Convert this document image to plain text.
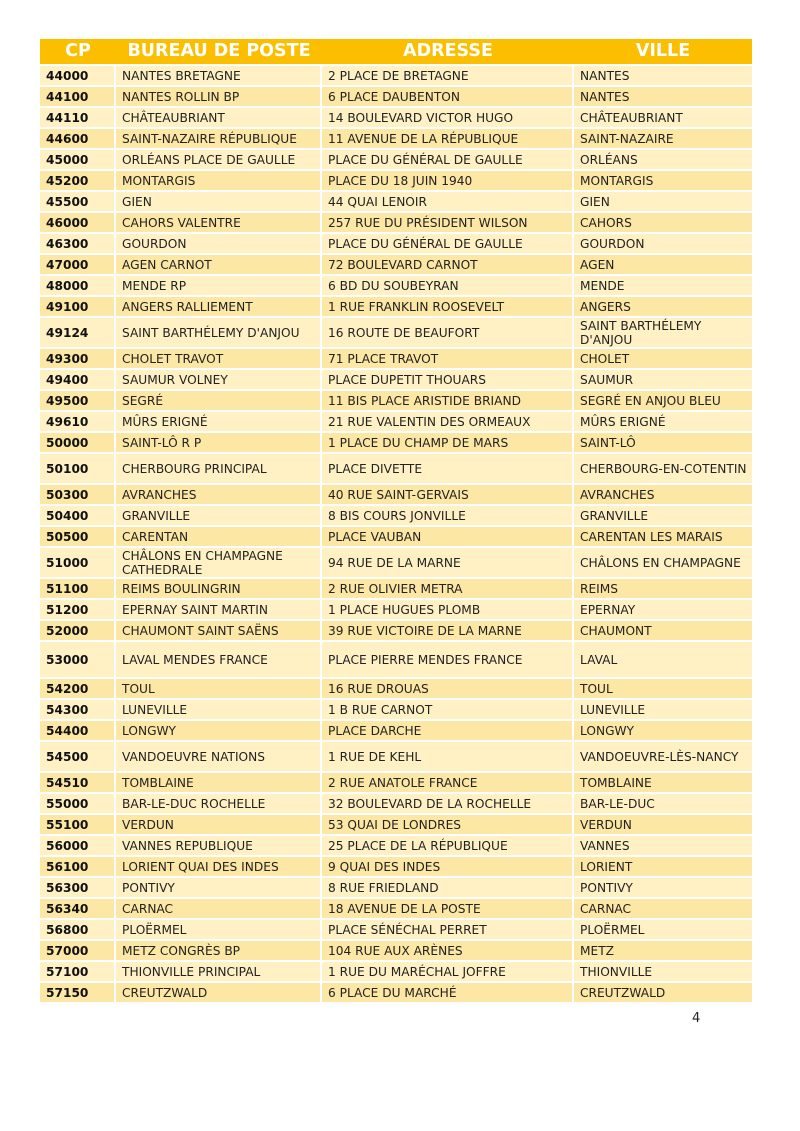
CP	BUREAU DE POSTE	ADRESSE	VILLE
44000	NANTES BRETAGNE	2 PLACE DE BRETAGNE	NANTES
44100	NANTES ROLLIN BP	6 PLACE DAUBENTON	NANTES
44110	CHÂTEAUBRIANT	14 BOULEVARD VICTOR HUGO	CHÂTEAUBRIANT
44600	SAINT-NAZAIRE RÉPUBLIQUE	11 AVENUE DE LA RÉPUBLIQUE	SAINT-NAZAIRE
45000	ORLÉANS PLACE DE GAULLE	PLACE DU GÉNÉRAL DE GAULLE	ORLÉANS
45200	MONTARGIS	PLACE DU 18 JUIN 1940	MONTARGIS
45500	GIEN	44 QUAI LENOIR	GIEN
46000	CAHORS VALENTRE	257 RUE DU PRÉSIDENT WILSON	CAHORS
46300	GOURDON	PLACE DU GÉNÉRAL DE GAULLE	GOURDON
47000	AGEN CARNOT	72 BOULEVARD CARNOT	AGEN
48000	MENDE RP	6 BD DU SOUBEYRAN	MENDE
49100	ANGERS RALLIEMENT	1 RUE FRANKLIN ROOSEVELT	ANGERS
49124	SAINT BARTHÉLEMY D'ANJOU	16 ROUTE DE BEAUFORT	SAINT BARTHÉLEMY D'ANJOU
49300	CHOLET TRAVOT	71 PLACE TRAVOT	CHOLET
49400	SAUMUR VOLNEY	PLACE DUPETIT THOUARS	SAUMUR
49500	SEGRÉ	11 BIS PLACE ARISTIDE BRIAND	SEGRÉ EN ANJOU BLEU
49610	MÛRS ERIGNÉ	21 RUE VALENTIN DES ORMEAUX	MÛRS ERIGNÉ
50000	SAINT-LÔ R P	1 PLACE DU CHAMP DE MARS	SAINT-LÔ
50100	CHERBOURG PRINCIPAL	PLACE DIVETTE	CHERBOURG-EN-COTENTIN
50300	AVRANCHES	40 RUE SAINT-GERVAIS	AVRANCHES
50400	GRANVILLE	8 BIS COURS JONVILLE	GRANVILLE
50500	CARENTAN	PLACE VAUBAN	CARENTAN LES MARAIS
51000	CHÂLONS EN CHAMPAGNE CATHEDRALE	94 RUE DE LA MARNE	CHÂLONS EN CHAMPAGNE
51100	REIMS BOULINGRIN	2 RUE OLIVIER METRA	REIMS
51200	EPERNAY SAINT MARTIN	1 PLACE HUGUES PLOMB	EPERNAY
52000	CHAUMONT SAINT SAËNS	39 RUE VICTOIRE DE LA MARNE	CHAUMONT
53000	LAVAL MENDES FRANCE	PLACE PIERRE MENDES FRANCE	LAVAL
54200	TOUL	16 RUE DROUAS	TOUL
54300	LUNEVILLE	1 B RUE CARNOT	LUNEVILLE
54400	LONGWY	PLACE DARCHE	LONGWY
54500	VANDOEUVRE NATIONS	1 RUE DE KEHL	VANDOEUVRE-LÈS-NANCY
54510	TOMBLAINE	2 RUE ANATOLE FRANCE	TOMBLAINE
55000	BAR-LE-DUC ROCHELLE	32 BOULEVARD DE LA ROCHELLE	BAR-LE-DUC
55100	VERDUN	53 QUAI DE LONDRES	VERDUN
56000	VANNES REPUBLIQUE	25 PLACE DE LA RÉPUBLIQUE	VANNES
56100	LORIENT QUAI DES INDES	9 QUAI DES INDES	LORIENT
56300	PONTIVY	8 RUE FRIEDLAND	PONTIVY
56340	CARNAC	18 AVENUE DE LA POSTE	CARNAC
56800	PLOËRMEL	PLACE SÉNÉCHAL PERRET	PLOËRMEL
57000	METZ CONGRÈS BP	104 RUE AUX ARÈNES	METZ
57100	THIONVILLE PRINCIPAL	1 RUE DU MARÉCHAL JOFFRE	THIONVILLE
57150	CREUTZWALD	6 PLACE DU MARCHÉ	CREUTZWALD
4
